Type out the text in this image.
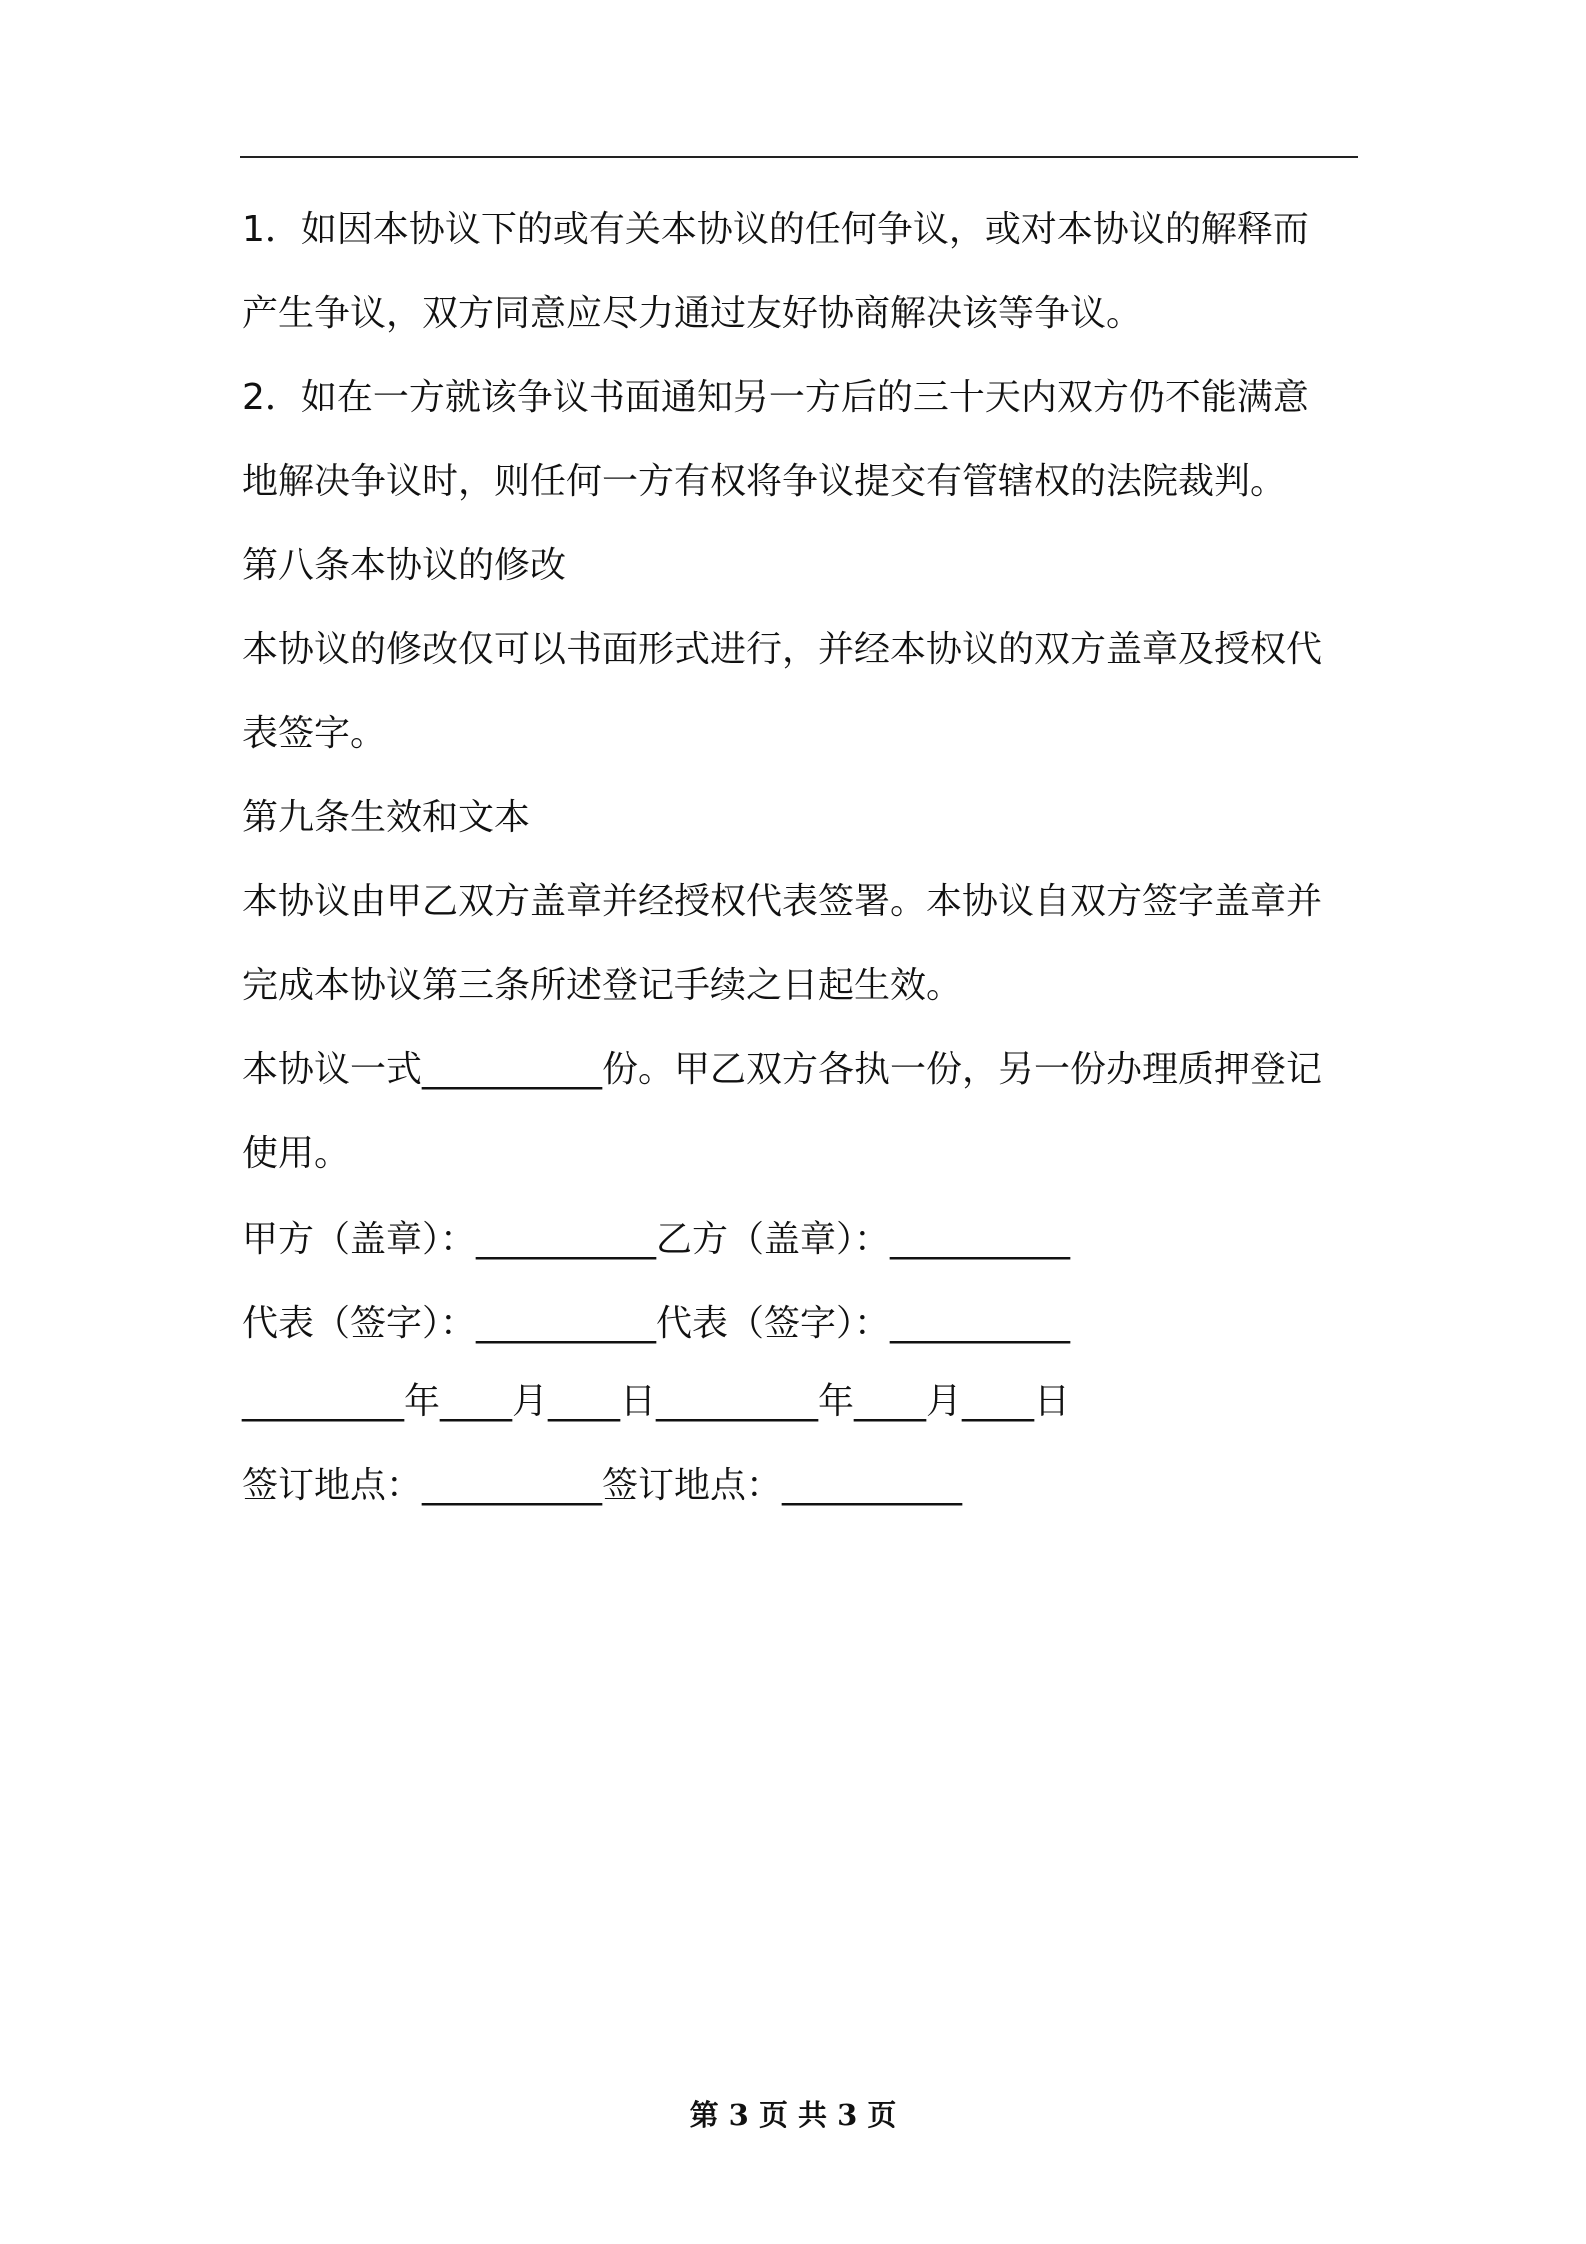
1．如因本协议下的或有关本协议的任何争议，或对本协议的解释而

产生争议，双方同意应尽力通过友好协商解决该等争议。

2．如在一方就该争议书面通知另一方后的三十天内双方仍不能满意

地解决争议时，则任何一方有权将争议提交有管辖权的法院裁判。

第八条本协议的修改

本协议的修改仅可以书面形式进行，并经本协议的双方盖章及授权代

表签字。

第九条生效和文本

本协议由甲乙双方盖章并经授权代表签署。本协议自双方签字盖章并

完成本协议第三条所述登记手续之日起生效。

本协议一式__________份。甲乙双方各执一份，另一份办理质押登记

使用。

甲方（盖章）：__________乙方（盖章）：__________

代表（签字）：__________代表（签字）：__________

_________年____月____日_________年____月____日

签订地点：__________签订地点：__________

第 3 页 共 3 页
